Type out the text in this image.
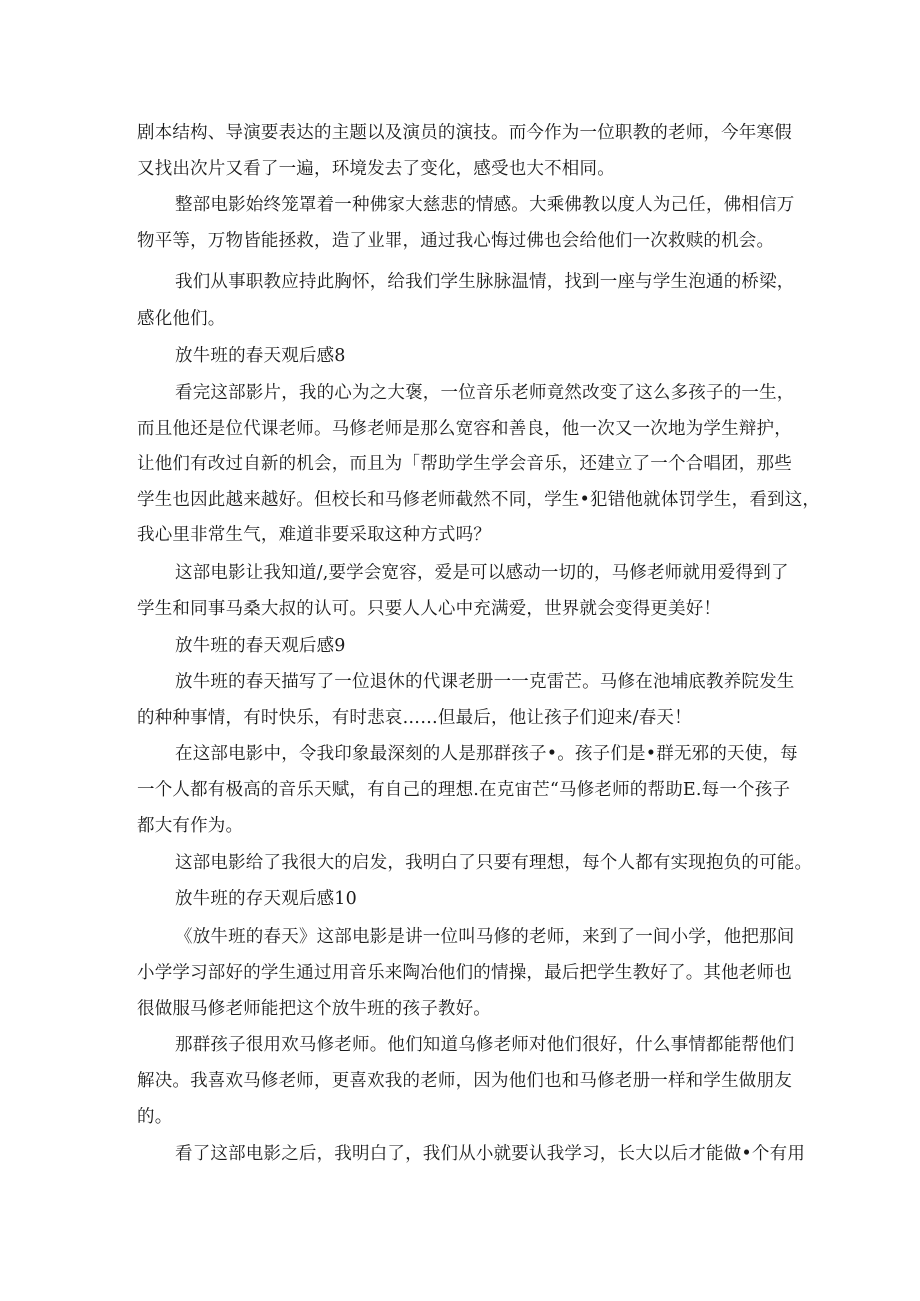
剧本结构、导演要表达的主题以及演员的演技。而今作为一位职教的老师，今年寒假
又找出次片又看了一遍，环境发去了变化，感受也大不相同。
整部电影始终笼罩着一种佛家大慈悲的情感。大乘佛教以度人为己任，佛相信万
物平等，万物皆能拯救，造了业罪，通过我心悔过佛也会给他们一次救赎的机会。
我们从事职教应持此胸怀，给我们学生脉脉温情，找到一座与学生泡通的桥梁，
感化他们。
放牛班的春天观后感8
看完这部影片，我的心为之大褒，一位音乐老师竟然改变了这么多孩子的一生，
而且他还是位代课老师。马修老师是那么宽容和善良，他一次又一次地为学生辩护，
让他们有改过自新的机会，而且为「帮助学生学会音乐，还建立了一个合唱团，那些
学生也因此越来越好。但校长和马修老师截然不同，学生•犯错他就体罚学生，看到这，
我心里非常生气，难道非要采取这种方式吗？
这部电影让我知道/,要学会宽容，爱是可以感动一切的，马修老师就用爱得到了
学生和同事马桑大叔的认可。只要人人心中充满爱，世界就会变得更美好！
放牛班的春天观后感9
放牛班的春天描写了一位退休的代课老册一一克雷芒。马修在池埔底教养院发生
的种种事情，有时快乐，有时悲哀……但最后，他让孩子们迎来/春天！
在这部电影中，令我印象最深刻的人是那群孩子•。孩子们是•群无邪的天使，每
一个人都有极高的音乐天赋，有自己的理想.在克宙芒“马修老师的帮助E.每一个孩子
都大有作为。
这部电影给了我很大的启发，我明白了只要有理想，每个人都有实现抱负的可能。
放牛班的存天观后感10
《放牛班的春天》这部电影是讲一位叫马修的老师，来到了一间小学，他把那间
小学学习部好的学生通过用音乐来陶冶他们的情操，最后把学生教好了。其他老师也
很做服马修老师能把这个放牛班的孩子教好。
那群孩子很用欢马修老师。他们知道乌修老师对他们很好，什么事情都能帮他们
解决。我喜欢马修老师，更喜欢我的老师，因为他们也和马修老册一样和学生做朋友
的。
看了这部电影之后，我明白了，我们从小就要认我学习，长大以后才能做•个有用
